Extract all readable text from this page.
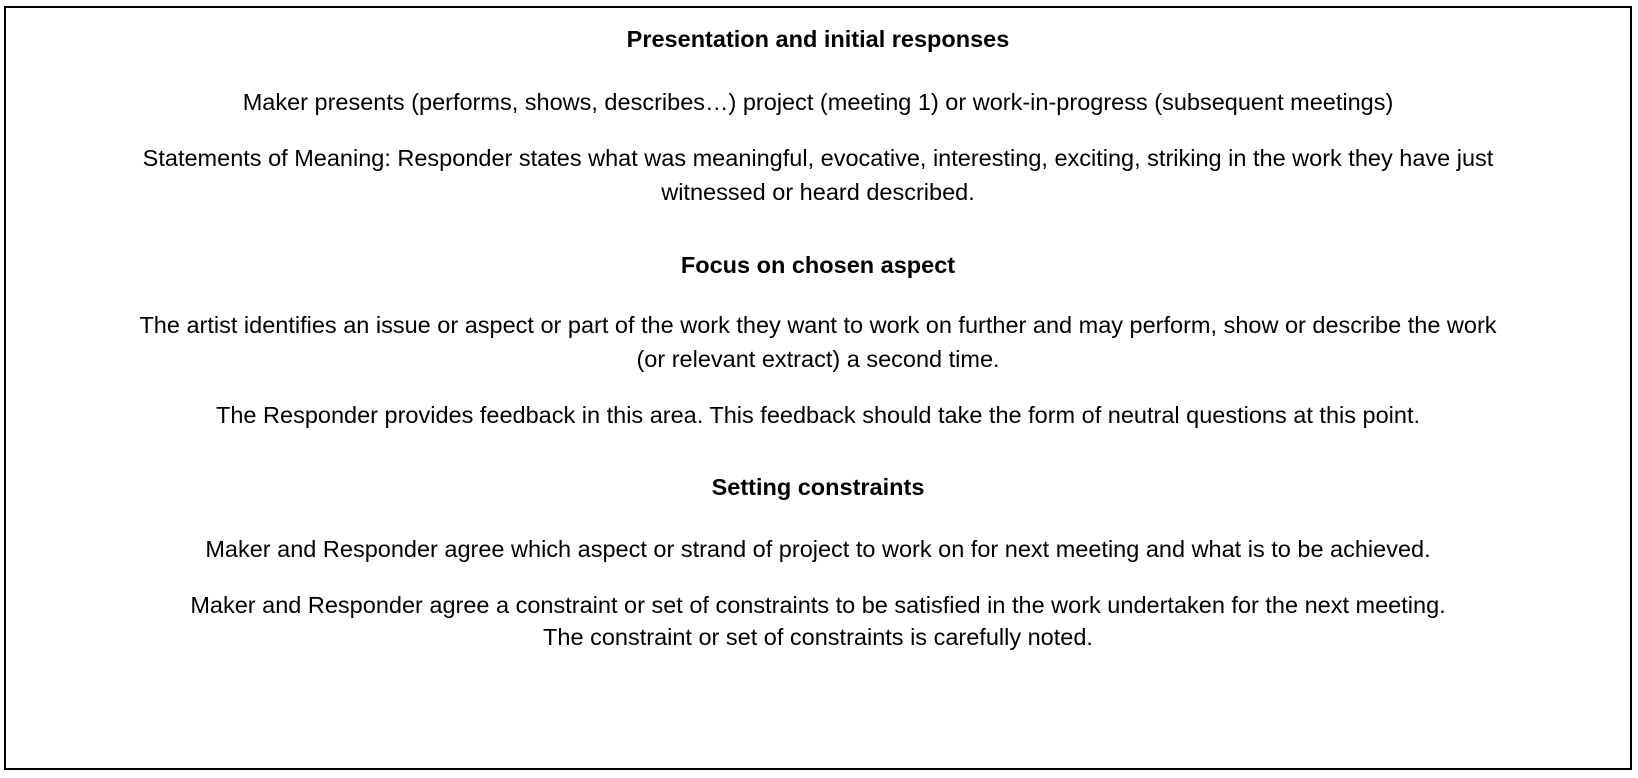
Presentation and initial responses
Maker presents (performs, shows, describes…) project (meeting 1) or work-in-progress (subsequent meetings)
Statements of Meaning: Responder states what was meaningful, evocative, interesting, exciting, striking in the work they have just
witnessed or heard described.
Focus on chosen aspect
The artist identifies an issue or aspect or part of the work they want to work on further and may perform, show or describe the work
(or relevant extract) a second time.
The Responder provides feedback in this area. This feedback should take the form of neutral questions at this point.
Setting constraints
Maker and Responder agree which aspect or strand of project to work on for next meeting and what is to be achieved.
Maker and Responder agree a constraint or set of constraints to be satisfied in the work undertaken for the next meeting.
The constraint or set of constraints is carefully noted.
